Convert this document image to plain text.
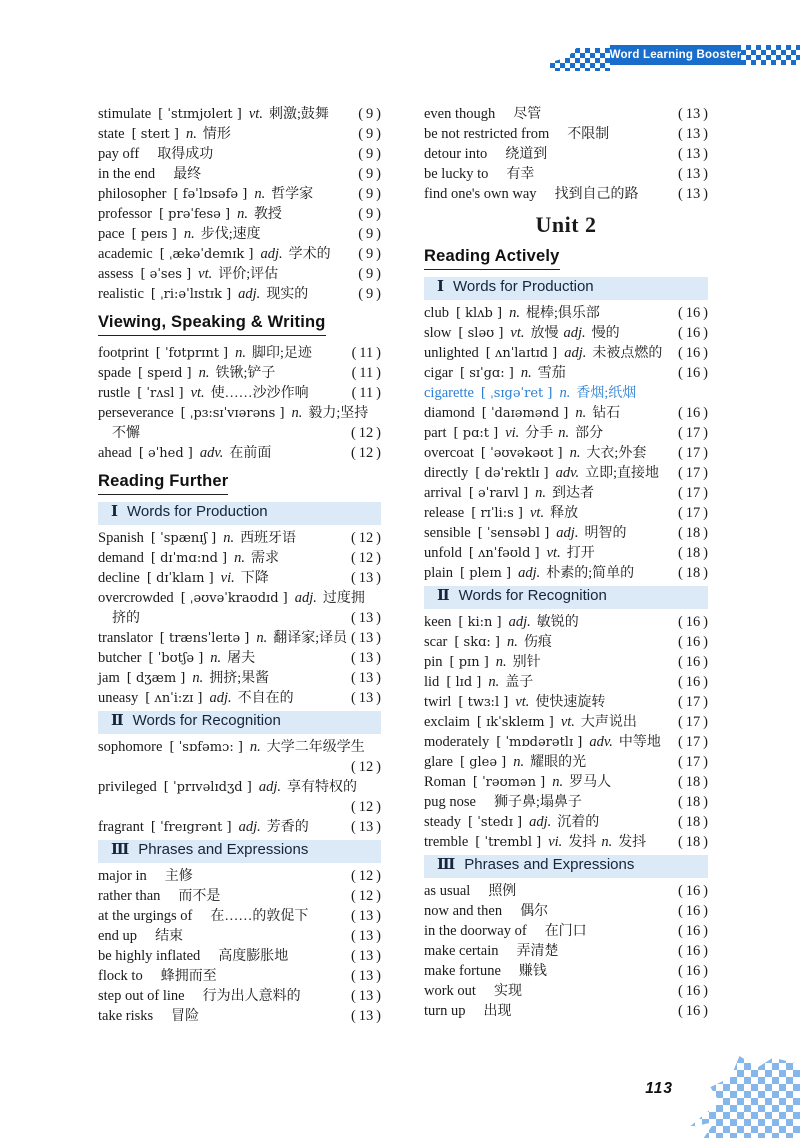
Word Learning Booster
stimulate [ ˈstɪmjʊleɪt ] vt. 刺激;鼓舞	( 9 )
state [ steɪt ] n. 情形	( 9 )
pay off 取得成功	( 9 )
in the end 最终	( 9 )
philosopher [ fəˈlɒsəfə ] n. 哲学家	( 9 )
professor [ prəˈfesə ] n. 教授	( 9 )
pace [ peɪs ] n. 步伐;速度	( 9 )
academic [ ˌækəˈdemɪk ] adj. 学术的	( 9 )
assess [ əˈses ] vt. 评价;评估	( 9 )
realistic [ ˌri:əˈlɪstɪk ] adj. 现实的	( 9 )
Viewing, Speaking & Writing
footprint [ ˈfʊtprɪnt ] n. 脚印;足迹	( 11 )
spade [ speɪd ] n. 铁锹;铲子	( 11 )
rustle [ ˈrʌsl ] vt. 使……沙沙作响	( 11 )
perseverance [ ˌpɜ:sɪˈvɪərəns ] n. 毅力;坚持
不懈	( 12 )
ahead [ əˈhed ] adv. 在前面	( 12 )
Reading Further
Ⅰ Words for Production
Spanish [ ˈspænɪʃ ] n. 西班牙语	( 12 )
demand [ dɪˈmɑ:nd ] n. 需求	( 12 )
decline [ dɪˈklaɪn ] vi. 下降	( 13 )
overcrowded [ ˌəʊvəˈkraʊdɪd ] adj. 过度拥
挤的	( 13 )
translator [ trænsˈleɪtə ] n. 翻译家;译员 ( 13 )
butcher [ ˈbʊtʃə ] n. 屠夫	( 13 )
jam [ dʒæm ] n. 拥挤;果酱	( 13 )
uneasy [ ʌnˈi:zɪ ] adj. 不自在的	( 13 )
Ⅱ Words for Recognition
sophomore [ ˈsɒfəmɔ: ] n. 大学二年级学生
( 12 )
privileged [ ˈprɪvəlɪdʒd ] adj. 享有特权的
( 12 )
fragrant [ ˈfreɪgrənt ] adj. 芳香的	( 13 )
Ⅲ Phrases and Expressions
major in 主修	( 12 )
rather than 而不是	( 12 )
at the urgings of 在……的敦促下	( 13 )
end up 结束	( 13 )
be highly inflated 高度膨胀地	( 13 )
flock to 蜂拥而至	( 13 )
step out of line 行为出人意料的	( 13 )
take risks 冒险	( 13 )
even though 尽管	( 13 )
be not restricted from 不限制	( 13 )
detour into 绕道到	( 13 )
be lucky to 有幸	( 13 )
find one's own way 找到自己的路	( 13 )
Unit 2
Reading Actively
Ⅰ Words for Production
club [ klʌb ] n. 棍棒;俱乐部	( 16 )
slow [ sləʊ ] vt. 放慢 adj. 慢的	( 16 )
unlighted [ ʌnˈlaɪtɪd ] adj. 未被点燃的	( 16 )
cigar [ sɪˈgɑ: ] n. 雪茄	( 16 )
cigarette [ ˌsɪgəˈret ] n. 香烟;纸烟
diamond [ ˈdaɪəmənd ] n. 钻石	( 16 )
part [ pɑ:t ] vi. 分手 n. 部分	( 17 )
overcoat [ ˈəʊvəkəʊt ] n. 大衣;外套	( 17 )
directly [ dəˈrektlɪ ] adv. 立即;直接地	( 17 )
arrival [ əˈraɪvl ] n. 到达者	( 17 )
release [ rɪˈli:s ] vt. 释放	( 17 )
sensible [ ˈsensəbl ] adj. 明智的	( 18 )
unfold [ ʌnˈfəʊld ] vt. 打开	( 18 )
plain [ pleɪn ] adj. 朴素的;简单的	( 18 )
Ⅱ Words for Recognition
keen [ ki:n ] adj. 敏锐的	( 16 )
scar [ skɑ: ] n. 伤痕	( 16 )
pin [ pɪn ] n. 别针	( 16 )
lid [ lɪd ] n. 盖子	( 16 )
twirl [ twɜ:l ] vt. 使快速旋转	( 17 )
exclaim [ ɪkˈskleɪm ] vt. 大声说出	( 17 )
moderately [ ˈmɒdərətlɪ ] adv. 中等地	( 17 )
glare [ gleə ] n. 耀眼的光	( 17 )
Roman [ ˈrəʊmən ] n. 罗马人	( 18 )
pug nose 狮子鼻;塌鼻子	( 18 )
steady [ ˈstedɪ ] adj. 沉着的	( 18 )
tremble [ ˈtrembl ] vi. 发抖 n. 发抖	( 18 )
Ⅲ Phrases and Expressions
as usual 照例	( 16 )
now and then 偶尔	( 16 )
in the doorway of 在门口	( 16 )
make certain 弄清楚	( 16 )
make fortune 赚钱	( 16 )
work out 实现	( 16 )
turn up 出现	( 16 )
113
